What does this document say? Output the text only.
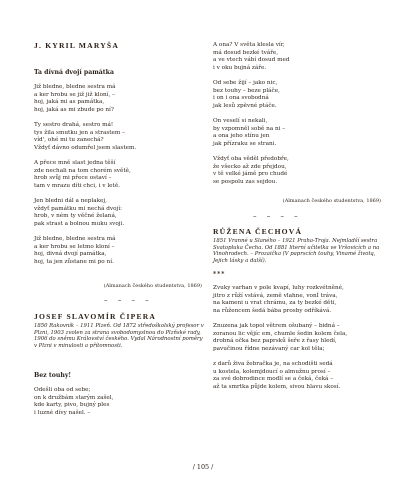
J. KYRIL MARYŠA
Ta dívná dvojí památka
Již bledne, bledne sestra má
a ker hrobu se již již kloní, –
hoj, jaká mi as památka,
hoj, jaká as mi zbude po ní?
Ty sestro drahá, sestro má!
tys žila smutku jen a strastem –
víd', ohé mi tu zanechá?
Vždyť dávno odumřel jsem slastem.
A přece mně slast jedna těší
zde nechali na tom chorém světě,
hrob svůj mi přece ostaví –
tam v mrazu díti chci, i v letě.
Jen bledni dál a neplakej,
vždyť památku mi nechá dvojí:
hrob, v ném ty věčné želaná,
pak strast a bolnou muku svoji.
Již bledne, bledne sestra má
a ker hrobu se letmo kloní –
hoj, divná dvojí památka,
hoj, ta jen zůstane mi po ní.
(Almanach českého studentstva, 1869)
– – – –
JOSEF SLAVOMÍR ČIPERA
1850 Rakovník – 1911 Plzeň. Od 1872 středoškolský profesor v Plzni, 1903 zvolen za strana svobodomyslnou do Plzňské rady, 1906 do sněmu Království českého. Vydal Národnostní poměry v Plzni v minulosti a přítomnosti.
Bez touhy!
Odešli oba od sebe;
on k družbám starým zašel,
kde karty, pivo, bujný ples
i luzné dívy našel. –
A ona? V světa klesla vír,
má dosud bezké tváře,
a ve vtech vábí dosud med
i v oku bujná záře.
Od sebe žijí – jako nic,
bez touhy – beze pláče,
i on i ona svobodná
jak lesů zpěvné ptáče.
On veselí si nekali,
by vzpomněl sobě na ni –
a ona jeho stínu jen
jak přízraku se strani.
Vždyť oba věděl předobře,
že všecko až zde přejdou,
v tě velké jámě pro chudé
se pospolu zas sejdou.
(Almanach českého studentstva, 1869)
– – – –
RŮŽENA ČECHOVÁ
1851 Vranné u Slaného – 1921 Praha-Troja. Nejmladší sestra Svatopluka Čecha. Od 1881 literní učitelka ve Vršovicích a na Vinohradech. – Prozaička (V paprscích touhy, Vinamé životą, Jejich lásky a další).
***
Zvuky varhan v pole kvapí, luhy rozkvétněné,
jitro z růží vstává, země vlahne, vonÍ tráva,
na kameni u vrat chrámu, za ty bezké děti,
na růžencem šedá bába prosby odříkává.
Znuzena jak topol větrem ošubaný – bidná –
zoranou lic vějíc em, chumle šedin kolem čela,
drobná očka bez paprsků šeře z řasy hledí,
pavučinou řídne nezávaný car kol těla;
z darů živa žebračka je, na schodišti sedá
u kostela, kolemjdoucí o almužnu prosí –
za své dobrodince modlí se a čeká, čeká –
až ta smrtka půjde kolem, sivou hlavu skosí.
/ 105 /
